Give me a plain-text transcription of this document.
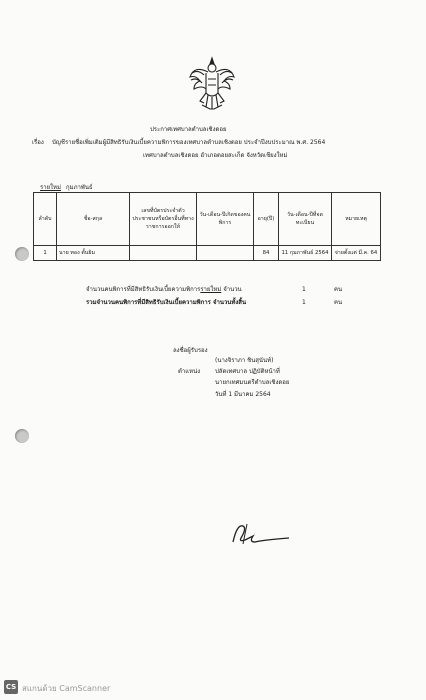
ประกาศเทศบาลตำบลเชิงดอย
เรื่อง บัญชีรายชื่อเพิ่มเติมผู้มีสิทธิรับเงินเบี้ยความพิการของเทศบาลตำบลเชิงดอย ประจำปีงบประมาณ พ.ศ. 2564
เทศบาลตำบลเชิงดอย อำเภอดอยสะเก็ด จังหวัดเชียงใหม่
รายใหม่ กุมภาพันธ์
ลำดับ	ชื่อ-สกุล	เลขที่บัตรประจำตัวประชาชนหรือบัตรอื่นที่ทางราชการออกให้	วัน-เดือน-ปีเกิดของคนพิการ	อายุ(ปี)	วัน-เดือน-ปีที่จดทะเบียน	หมายเหตุ
1	นาย ทอง ตั้นยิม			84	11 กุมภาพันธ์ 2564	จ่ายตั้งแต่ มี.ค. 64
จำนวนคนพิการที่มีสิทธิรับเงินเบี้ยความพิการรายใหม่ จำนวน	1	คน
รวมจำนวนคนพิการที่มีสิทธิรับเงินเบี้ยความพิการ จำนวนทั้งสิ้น	1	คน
ลงชื่อผู้รับรอง
(นางจิราภา ชินสุนันท์)
ตำแหน่ง ปลัดเทศบาล ปฏิบัติหน้าที่
นายกเทศมนตรีตำบลเชิงดอย
วันที่ 1 มีนาคม 2564
CS สแกนด้วย CamScanner
